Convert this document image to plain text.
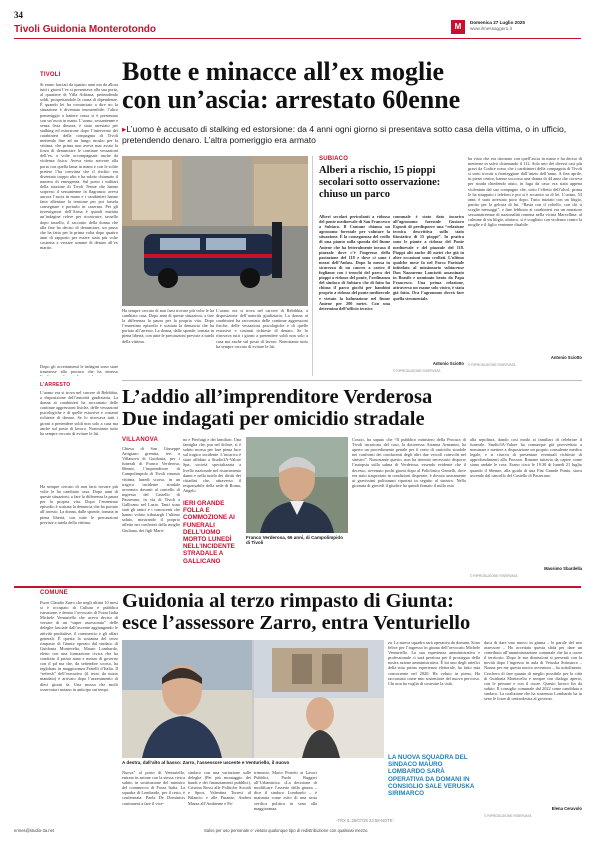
34
Tivoli Guidonia Monterotondo	M	Domenica 27 Luglio 2025
www.ilmessaggero.it
TIVOLI Botte e minacce all’ex moglie
con un’ascia: arrestato 60enne
▸L’uomo è accusato di stalking ed estorsione: da 4 anni ogni giorno si presentava sotto casa della vittima, o in ufficio, pretendendo denaro. L’altra pomeriggio era armato
Si erano lasciati da quattro anni ma da allora tutti i giorni l’ex si presentava alla sua porta, al quartiere di Villa Adriana, pretendendo soldi, prospettandole la causa di dipendenze. È quando lei ha cominciato a dire no la situazione è diventata insostenibile: l’altro pomeriggio a battere cassa si è presentato con un’ascia in mano. L’uomo, sessantenne e senza fissa dimora, è stato arrestato per stalking ed estorsione dopo l’intervento dei carabinieri della compagnia di Tivoli mettendo fine ad un lungo incubo per la vittima, che prima non aveva mai avuto la forza di denunciare le continue vessazioni dell’ex, a volte accompagnate anche da violenza fisica. Aveva vinto arrivare alla porta con quella lama in mano e con le solite pretese l’ha convinta che il rischio era diventato troppo alto e ha subito chiamato il numero di emergenza. Sul posto i militari della stazione di Tivoli Terme che hanno sorpreso il sessantenne in flagranza: aveva ancora l’ascia in mano e i carabinieri hanno fatto allentare la tensione per poi farsela consegnare e portarlo in caserma. Per gli investigatori dell’Arma è quindi iniziata un’indagine celere per ricostruire, tassello dopo tassello, il racconto della donna che alla fine ha deciso di denunciare, un passo che ha fatto per la prima volta dopo quattro anni di rapporto per essere stata più volte costretta a versare somme di denaro all’ex marito.
Dopo gli accertamenti le indagini sono state trasmesse alla procura che ha emesso
L’ARRESTO
L’uomo era si trova nel carcere di Rebibbia, a disposizione dell’autorità giudiziaria. La donna ai carabinieri ha raccontato delle continue aggressioni fisiche, delle vessazioni psicologiche e di quelle estorsive e costanti richieste di denaro. Se lo ritrovava tutti i giorni a pretendere soldi non solo a casa ma anche sul posto di lavoro. Nonostante tutto ha sempre cercato di evitare le liti.
SUBIACO
Alberi a rischio, 15 pioppi secolari sotto osservazione: chiuso un parco
Alberi secolari pericolanti a ridosso del ponte medioevale di San Francesco a Subiaco. Il Comune chiama un agronomo forestale per valutare la situazione. È la conseguenza del crollo di una pianta sulla sponda del fiume Aniene che ha letteralmente invaso il piazzale dove c’è l’ingresso della postazione del 118 e dove ci sono i mezzi dell’Anfass. Dopo la messa in sicurezza di un cancro a carico il fogliame con i tronchi del parco dei pioppi a ridosso del ponte, l’ordinanza del sindaco di Subiaco che di fatto ha chiuso il parco giochi per bambini proprio a ridosso del ponte medioevale e vietato la balneazione nel fiume Aniene per 200 metri. Con una determina dell’ufficio tecnico
comunale è stato dato incarico all’agronomo forestale Gustavo Esposti di predisporre una “relazione tecnica descrittiva sullo stato fitostatico di 15 pioppi”. In pratica sono le piante a ridosso del Ponte medioevale e del piazzale del 118. Pioppi alti anche 40 metri che già in altre occasioni sono crollati. L’ultimo qualche mese fa nel Parco Parisiale intitolato al missionario subiacense Don Nazzareno Lanciotti assassinato in Brasile e nominato beato da Papa Francesco. Una prima relazione, attraverso un esame solo visivo, è stata già fatta. Ora l’agronomo dovrà fare quella strumentale.
Antonio Sciotto
© RIPRODUZIONE RISERVATA
Ha sempre cercato di non farsi trovare più volte le ha cambiato casa. Dopo anni di queste situazioni, a fare la differenza la paura per la propria vita. Dopo l’ennesimo episodio è scattata la denuncia che ha portato all’arresto. La donna, dalle sponde, tornata in piena libertà, con tutte le precauzioni previste a tutela della vittima.
L’uomo era si trova nel carcere di Rebibbia, a disposizione dell’autorità giudiziaria. La donna ai carabinieri ha raccontato delle continue aggressioni fisiche, delle vessazioni psicologiche e di quelle estorsive e costanti richieste di denaro. Se lo ritrovava tutti i giorni a pretendere soldi non solo a casa ma anche sul posto di lavoro. Nonostante tutto ha sempre cercato di evitare le liti.
ha visto che era ritornato con quell’ascia in mano e ha deciso di metterne in salvo chiamando il 112. Solo uno dei diversi casi più gravi da Codice rosso che i carabinieri della compagnia di Tivoli si sono trovati a fronteggiare dall’inizio dell’anno. A fine aprile, in pieno centro, hanno soccorso una donna di 44 anni che correva per strada chiedendo aiuto, in fuga da casa: era stata appena violentata dal suo compagno che, sotto l’effetto dell’alcol, prima le ha strappato i telefoni e poi si è accanito su di lei. L’uomo, 53 anni, è stato arrestato poco dopo. Tutto iniziato con un litigio, partito per la gelosia di lui. “Basta con il coltello, con chi ti sceglie messaggi”, e fine febbraio ai carabinieri era un muratore sessantatreenne di nazionalità romena nella vicina Marcellina: al culmine di un litigio, ubriaco, si è scagliato con violenza contro la moglie e il figlio ventenne disabile.
Antonio Sciotto
© RIPRODUZIONE RISERVATA
L’addio all’imprenditore Verderosa
Due indagati per omicidio stradale
VILLANOVA
Chiesa di San Giuseppe Artigiano gremita, ieri a Villanova di Guidonia, per i funerali di Franco Verderosa, 66enni, l’imprenditore di Campolimpido di Tivoli rimasto vittima, lunedì scorso, in un tragico incidente stradale avvenuto davanti al cancello di ingresso del Castello di Passerano, in via di Tivoli a Gallicano nel Lazio. Tanti sono stati gli amici e i conoscenti che hanno voluto tributargli l’ultimo saluto, mostrando il proprio affetto nei confronti della moglie Giuliana, dei figli Marti-
no e Pierluigi e dei familiari. Una famiglia che, pur nel dolore, si è subito mossa per fare piena luce sul tragico incidente. L’incarico è stato affidato a Studio3A-Valore Spa, società specializzata a livello nazionale nel risarcimento danni e nella tutela dei diritti dei cittadini che, attraverso il responsabile della sede di Roma, Angelo
IERI GRANDE FOLLA E COMMOZIONE AI FUNERALI DELL’UOMO MORTO LUNEDÌ NELL’INCIDENTE STRADALE A GALLICANO
Franco Verderosa, 66 anni, di Campolimpido di Tivoli
Cossio, ha saputo che “Il pubblico ministero della Procura di Tivoli incaricato del caso, la dottoressa Arianna Armanini, ha aperto un procedimento penale per il reato di omicidio stradale nei confronti dei conducenti degli altri due veicoli coinvolti nel sinistro”. Nonostante questo, non ha ritenuto necessario disporre l’autopsia sulla salma di Verderosa, essendo evidente che il decesso, avvenuto pochi giorni dopo al Policlinico Gemelli, dove era stato trasportato in condizioni disperate, è dovuto unicamente ai gravissimi politraumi riportati in seguito al sinistro. Nello giornata di giovedì il giudice ha quindi firmato il nulla osta
alla sepoltura, dando così modo ai familiari di celebrare il funerale. Studio3A-Valore ha comunque già provveduto a nominare e mettere a disposizione un proprio consulente medico legale, e si riserva di presentare eventuali richieste di approfondimenti alla Procura. Rimane tuttavia da capire come siano andate le cose. Erano circa le 19.30 di lunedì 21 luglio quando il 66enne, alla guida di una Fiat Grande Punto, stava uscendo dal cancello del Castello di Passerano.
Massimo Sbardella
© RIPRODUZIONE RISERVATA
Ha sempre cercato di non farsi trovare più volte le ha cambiato casa. Dopo anni di queste situazioni, a fare la differenza la paura per la propria vita. Dopo l’ennesimo episodio è scattata la denuncia che ha portato all’arresto. La donna, dalle sponde, tornata in piena libertà, con tutte le precauzioni previste a tutela della vittima.
COMUNE	Guidonia al terzo rimpasto di Giunta:
esce l’assessore Zarro, entra Venturiello
Fuori Claudio Zarro che negli ultimi 10 mesi si è occupato di Cultura e pubblica istruzione, e dentro l’avvocato di Forza Italia Michele Venturiello che aveva deciso di versare di un “super assessorato” delle deleghe lasciate dall’uscente aggiungendo le attività produttive, il commercio e gli affari generali. È questa la sostanza del terzo rimpasto di Giunta operato dal sindaco di Guidonia Montecelio, Mauro Lombardo, eletto con una formazione civica che ha condotto il primo anno e mezzo di governo con il pd ma che, da settembre scorso, ha inglobato in maggioranza Fratelli d’Italia. Il “refresh” dell’esecutivo (il terzo da inizio mandato) è arrivato dopo l’azzeramento di dieci giorni fa. Una mossa che molti osservatori notano in anticipo sui tempi.
A destra, dall’alto al basso: Zarro, l’assessore uscente e Venturiello, il nuovo
Nuova” al posto di Venturiello, entrato in azione con la stessa civica subito in sostituzione del ministro del commercio di Forza Italia. La squadra di Lombardo, per il resto, è confermata: Paola De Dominicis continuerà a fare il vice-
sindaco con una variazione sulle deleghe (Per più montaggio dei bandi e dei finanziamenti pubblici), Cristina Rossi alle Politiche Sociali e Sport, Valentina Torresi al Bilancio e alle Finanze, Andrea Mazza all’Ambiente e Pa-
trimonio, Mario Proietti ai Lavori Pubblici, Paolo Ruggeri all’Urbanistica. «La decisione di modificare l’assetto della giunta – dice il sindaco Lombardo – è maturata come esito di una seria verifica politica in seno alla maggioranza.
za. La nuova squadra sarà operativa da domani. Sono felice per l’ingresso in giunta dell’avvocato Michele Venturiello. La sua esperienza amministrativa e professionale ci sarà preziosa per il prosieguo della nostra azione amministrativa. È lui uno degli artefici della mia prima esperienza elettorale, ha fatto mia concorrente nel 2020. Ha voluto in pieno, Ha raccontato come mio sostenitore del nuovo percorso. Chi non ha voglia di costruire la città.
LA NUOVA SQUADRA DEL SINDACO MAURO LOMBARDO SARÀ OPERATIVA DA DOMANI IN CONSIGLIO SALE VERUSKA SIRIMARCO
duca di dare uno nuovo in giunta – le parole del neo assessore – Ho accettato questa sfida per dare un contributo all’amministrazione comunale che ha a cuore il territorio. Dopo le sue dimissioni si presentò con la novità dopo l’ingresso in aula di Veruska Sirimarco – Nonna per me questa nuova avventura – ha sottolineato. Cerchero di fare quanto di meglio possibile per la città di Guidonia Montecelio e sempre con dialogo aperto, con le persone e con il cuore. Questo lavoro fin da subito. Il consiglio comunale dal 2022 come candidata a sindaco. La coalizione che ha sostenuto Lombardo ha in seno le forze di centrodestra al governo.
Elena Ceravolo
© RIPRODUZIONE RISERVATA
ermes@studio-3a.net
-TRX IL:26/07/25 23:58-NOTE:
Salvo per uso personale e' vietato qualunque tipo di redistribuzione con qualsiasi mezzo.
